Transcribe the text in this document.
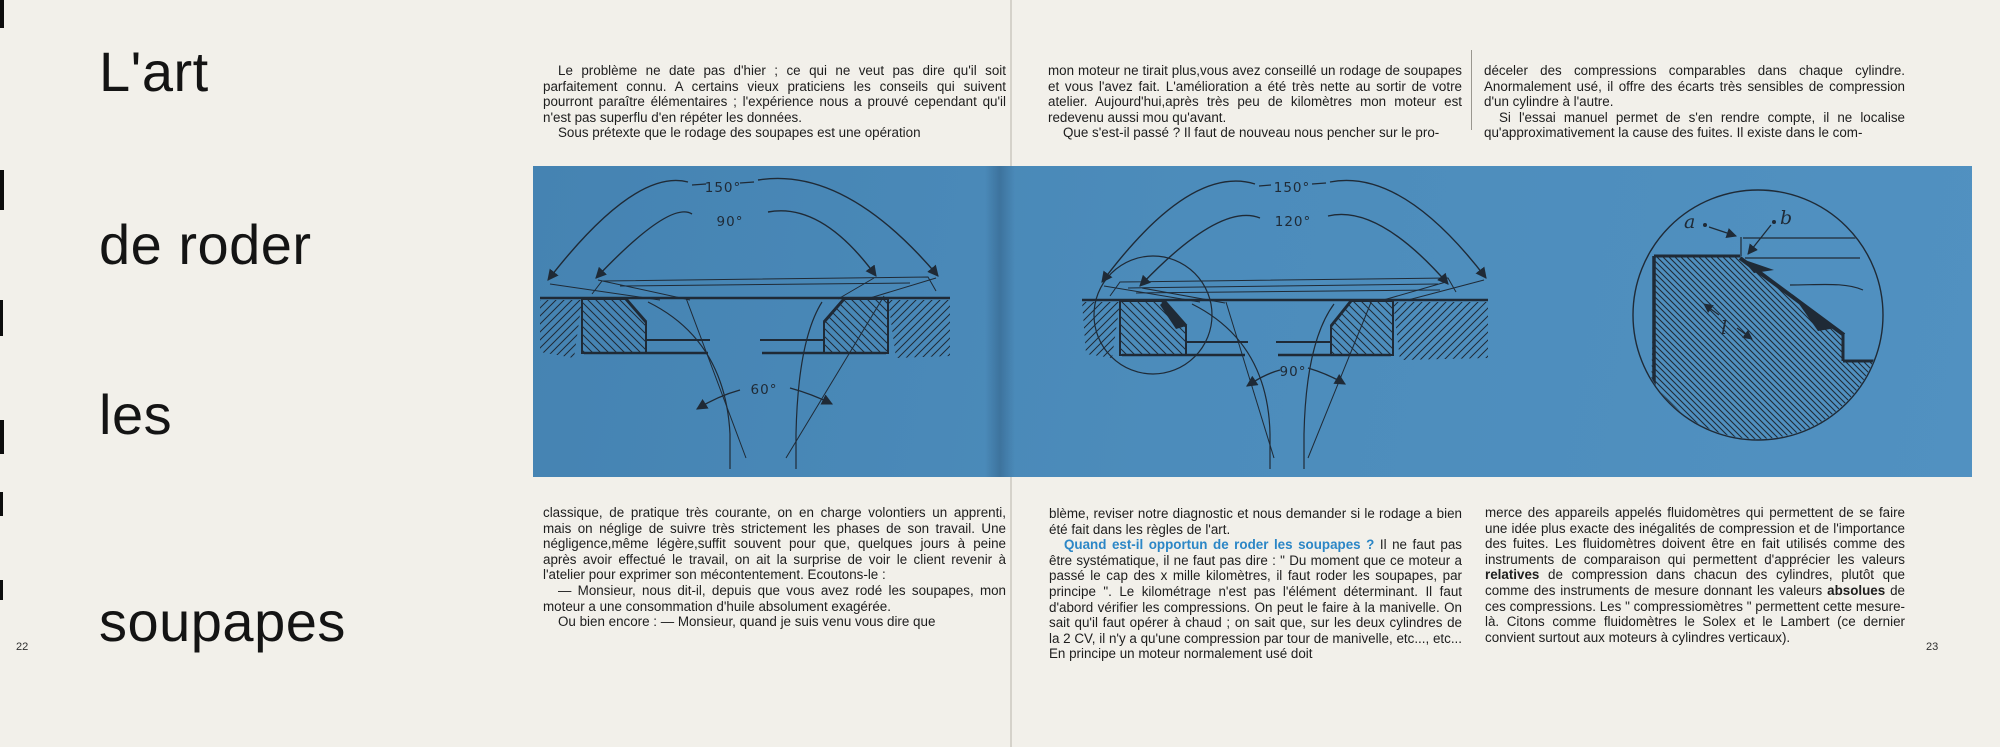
L'art
de roder
les
soupapes
22

Le problème ne date pas d'hier ; ce qui ne veut pas dire qu'il soit parfaitement connu. A certains vieux praticiens les conseils qui suivent pourront paraître élémentaires ; l'expérience nous a prouvé cependant qu'il n'est pas superflu d'en répéter les données.

Sous prétexte que le rodage des soupapes est une opération

classique, de pratique très courante, on en charge volontiers un apprenti, mais on néglige de suivre très strictement les phases de son travail. Une négligence,même légère,suffit souvent pour que, quelques jours à peine après avoir effectué le travail, on ait la surprise de voir le client revenir à l'atelier pour exprimer son mécontentement. Ecoutons-le :

— Monsieur, nous dit-il, depuis que vous avez rodé les soupapes, mon moteur a une consommation d'huile absolument exagérée.

Ou bien encore : — Monsieur, quand je suis venu vous dire que

mon moteur ne tirait plus,vous avez conseillé un rodage de soupapes et vous l'avez fait. L'amélioration a été très nette au sortir de votre atelier. Aujourd'hui,après très peu de kilomètres mon moteur est redevenu aussi mou qu'avant.

Que s'est-il passé ? Il faut de nouveau nous pencher sur le pro-

déceler des compressions comparables dans chaque cylindre. Anormalement usé, il offre des écarts très sensibles de compression d'un cylindre à l'autre.

Si l'essai manuel permet de s'en rendre compte, il ne localise qu'approximativement la cause des fuites. Il existe dans le com-

blème, reviser notre diagnostic et nous demander si le rodage a bien été fait dans les règles de l'art.

Quand est-il opportun de roder les soupapes ? Il ne faut pas être systématique, il ne faut pas dire : " Du moment que ce moteur a passé le cap des x mille kilomètres, il faut roder les soupapes, par principe ". Le kilométrage n'est pas l'élément déterminant. Il faut d'abord vérifier les compressions. On peut le faire à la manivelle. On sait qu'il faut opérer à chaud ; on sait que, sur les deux cylindres de la 2 CV, il n'y a qu'une compression par tour de manivelle, etc..., etc... En principe un moteur normalement usé doit

merce des appareils appelés fluidomètres qui permettent de se faire une idée plus exacte des inégalités de compression et de l'importance des fuites. Les fluidomètres doivent être en fait utilisés comme des instruments de comparaison qui permettent d'apprécier les valeurs relatives de compression dans chacun des cylindres, plutôt que comme des instruments de mesure donnant les valeurs absolues de ces compressions. Les " compressiomètres " permettent cette mesure-là. Citons comme fluidomètres le Solex et le Lambert (ce dernier convient surtout aux moteurs à cylindres verticaux).

23
150°
90°
60°
150°
120°
90°
a	b
l
